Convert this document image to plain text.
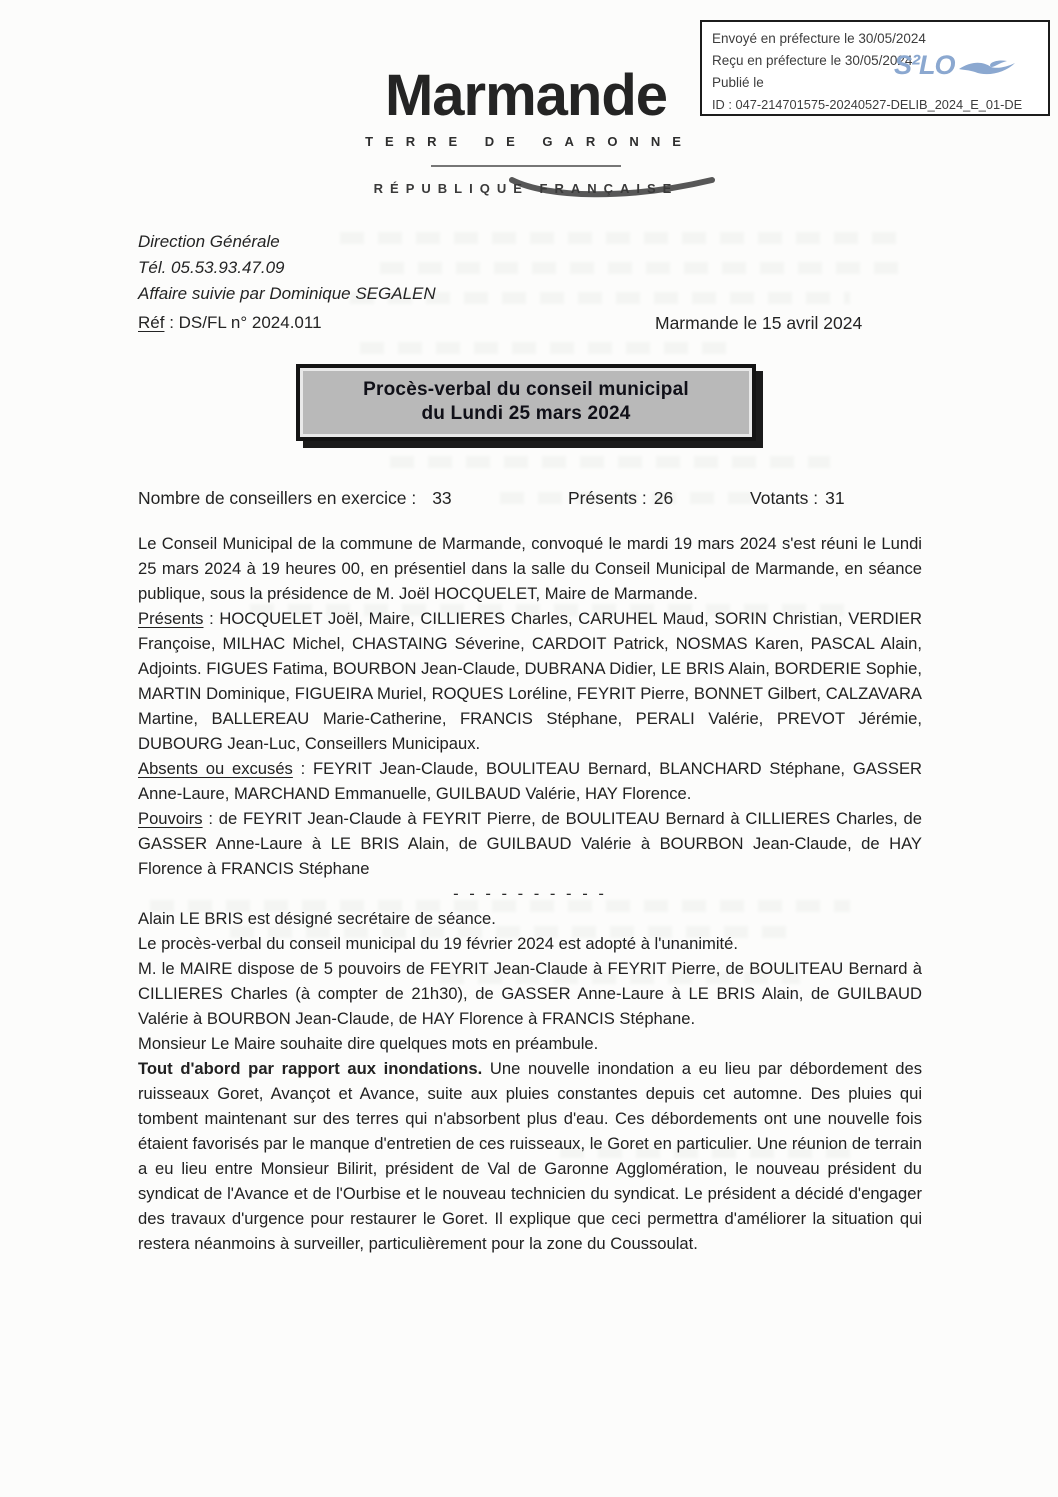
Envoyé en préfecture le 30/05/2024
Reçu en préfecture le 30/05/2024
Publié le
ID : 047-214701575-20240527-DELIB_2024_E_01-DE
S²LO
Marmande
TERRE DE GARONNE
RÉPUBLIQUE FRANÇAISE
Direction Générale
Tél. 05.53.93.47.09
Affaire suivie par Dominique SEGALEN
Réf : DS/FL n° 2024.011	Marmande le 15 avril 2024
Procès-verbal du conseil municipal
du Lundi 25 mars 2024
Nombre de conseillers en exercice : 33	Présents : 26	Votants : 31

Le Conseil Municipal de la commune de Marmande, convoqué le mardi 19 mars 2024 s'est réuni le Lundi 25 mars 2024 à 19 heures 00, en présentiel dans la salle du Conseil Municipal de Marmande, en séance publique, sous la présidence de M. Joël HOCQUELET, Maire de Marmande.

Présents : HOCQUELET Joël, Maire, CILLIERES Charles, CARUHEL Maud, SORIN Christian, VERDIER Françoise, MILHAC Michel, CHASTAING Séverine, CARDOIT Patrick, NOSMAS Karen, PASCAL Alain, Adjoints. FIGUES Fatima, BOURBON Jean-Claude, DUBRANA Didier, LE BRIS Alain, BORDERIE Sophie, MARTIN Dominique, FIGUEIRA Muriel, ROQUES Loréline, FEYRIT Pierre, BONNET Gilbert, CALZAVARA Martine, BALLEREAU Marie-Catherine, FRANCIS Stéphane, PERALI Valérie, PREVOT Jérémie, DUBOURG Jean-Luc, Conseillers Municipaux.

Absents ou excusés : FEYRIT Jean-Claude, BOULITEAU Bernard, BLANCHARD Stéphane, GASSER Anne-Laure, MARCHAND Emmanuelle, GUILBAUD Valérie, HAY Florence.

Pouvoirs : de FEYRIT Jean-Claude à FEYRIT Pierre, de BOULITEAU Bernard à CILLIERES Charles, de GASSER Anne-Laure à LE BRIS Alain, de GUILBAUD Valérie à BOURBON Jean-Claude, de HAY Florence à FRANCIS Stéphane

- - - - - - - - - -

Alain LE BRIS est désigné secrétaire de séance.

Le procès-verbal du conseil municipal du 19 février 2024 est adopté à l'unanimité.

M. le MAIRE dispose de 5 pouvoirs de FEYRIT Jean-Claude à FEYRIT Pierre, de BOULITEAU Bernard à CILLIERES Charles (à compter de 21h30), de GASSER Anne-Laure à LE BRIS Alain, de GUILBAUD Valérie à BOURBON Jean-Claude, de HAY Florence à FRANCIS Stéphane.

Monsieur Le Maire souhaite dire quelques mots en préambule.

Tout d'abord par rapport aux inondations. Une nouvelle inondation a eu lieu par débordement des ruisseaux Goret, Avançot et Avance, suite aux pluies constantes depuis cet automne. Des pluies qui tombent maintenant sur des terres qui n'absorbent plus d'eau. Ces débordements ont une nouvelle fois étaient favorisés par le manque d'entretien de ces ruisseaux, le Goret en particulier. Une réunion de terrain a eu lieu entre Monsieur Bilirit, président de Val de Garonne Agglomération, le nouveau président du syndicat de l'Avance et de l'Ourbise et le nouveau technicien du syndicat. Le président a décidé d'engager des travaux d'urgence pour restaurer le Goret. Il explique que ceci permettra d'améliorer la situation qui restera néanmoins à surveiller, particulièrement pour la zone du Coussoulat.
